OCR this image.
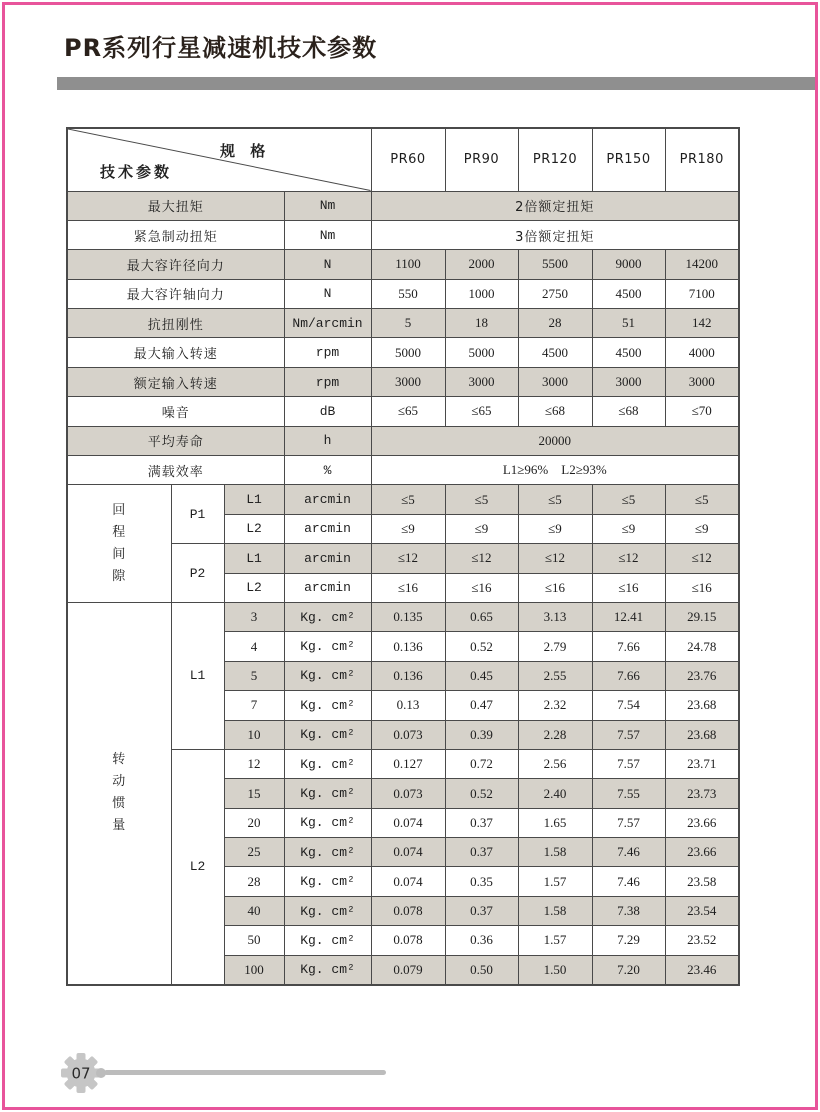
PR系列行星减速机技术参数
规 格
技术参数				PR60	PR90	PR120	PR150	PR180
最大扭矩			Nm	2倍额定扭矩				
紧急制动扭矩			Nm	3倍额定扭矩				
最大容许径向力			N	1100	2000	5500	9000	14200
最大容许轴向力			N	550	1000	2750	4500	7100
抗扭刚性			Nm/arcmin	5	18	28	51	142
最大输入转速			rpm	5000	5000	4500	4500	4000
额定输入转速			rpm	3000	3000	3000	3000	3000
噪音			dB	≤65	≤65	≤68	≤68	≤70
平均寿命			h	20000				
满载效率			%	L1≥96%    L2≥93%				
回程间隙	P1	L1	arcmin	≤5	≤5	≤5	≤5	≤5
		L2	arcmin	≤9	≤9	≤9	≤9	≤9
	P2	L1	arcmin	≤12	≤12	≤12	≤12	≤12
		L2	arcmin	≤16	≤16	≤16	≤16	≤16
转动惯量	L1	3	Kg. cm²	0.135	0.65	3.13	12.41	29.15
		4	Kg. cm²	0.136	0.52	2.79	7.66	24.78
		5	Kg. cm²	0.136	0.45	2.55	7.66	23.76
		7	Kg. cm²	0.13	0.47	2.32	7.54	23.68
		10	Kg. cm²	0.073	0.39	2.28	7.57	23.68
	L2	12	Kg. cm²	0.127	0.72	2.56	7.57	23.71
		15	Kg. cm²	0.073	0.52	2.40	7.55	23.73
		20	Kg. cm²	0.074	0.37	1.65	7.57	23.66
		25	Kg. cm²	0.074	0.37	1.58	7.46	23.66
		28	Kg. cm²	0.074	0.35	1.57	7.46	23.58
		40	Kg. cm²	0.078	0.37	1.58	7.38	23.54
		50	Kg. cm²	0.078	0.36	1.57	7.29	23.52
		100	Kg. cm²	0.079	0.50	1.50	7.20	23.46
07
